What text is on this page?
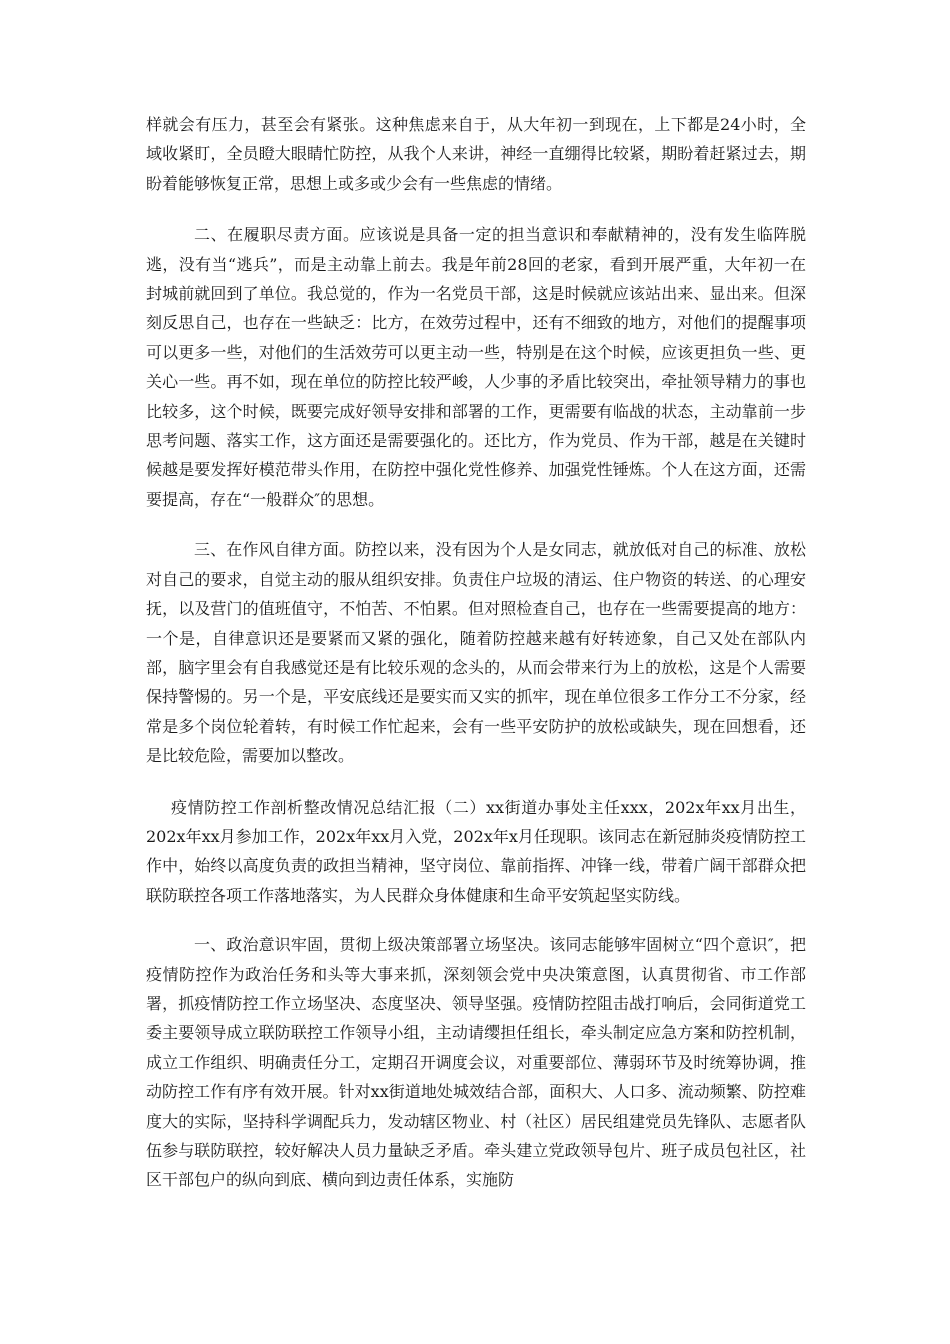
样就会有压力，甚至会有紧张。这种焦虑来自于，从大年初一到现在，上下都是24小时，全域收紧盯，全员瞪大眼睛忙防控，从我个人来讲，神经一直绷得比较紧，期盼着赶紧过去，期盼着能够恢复正常，思想上或多或少会有一些焦虑的情绪。

二、在履职尽责方面。应该说是具备一定的担当意识和奉献精神的，没有发生临阵脱逃，没有当“逃兵”，而是主动靠上前去。我是年前28回的老家，看到开展严重，大年初一在封城前就回到了单位。我总觉的，作为一名党员干部，这是时候就应该站出来、显出来。但深刻反思自己，也存在一些缺乏：比方，在效劳过程中，还有不细致的地方，对他们的提醒事项可以更多一些，对他们的生活效劳可以更主动一些，特别是在这个时候，应该更担负一些、更关心一些。再不如，现在单位的防控比较严峻，人少事的矛盾比较突出，牵扯领导精力的事也比较多，这个时候，既要完成好领导安排和部署的工作，更需要有临战的状态，主动靠前一步思考问题、落实工作，这方面还是需要强化的。还比方，作为党员、作为干部，越是在关键时候越是要发挥好模范带头作用，在防控中强化党性修养、加强党性锤炼。个人在这方面，还需要提高，存在“一般群众″的思想。

三、在作风自律方面。防控以来，没有因为个人是女同志，就放低对自己的标准、放松对自己的要求，自觉主动的服从组织安排。负责住户垃圾的清运、住户物资的转送、的心理安抚，以及营门的值班值守，不怕苦、不怕累。但对照检查自己，也存在一些需要提高的地方：一个是，自律意识还是要紧而又紧的强化，随着防控越来越有好转迹象，自己又处在部队内部，脑字里会有自我感觉还是有比较乐观的念头的，从而会带来行为上的放松，这是个人需要保持警惕的。另一个是，平安底线还是要实而又实的抓牢，现在单位很多工作分工不分家，经常是多个岗位轮着转，有时候工作忙起来，会有一些平安防护的放松或缺失，现在回想看，还是比较危险，需要加以整改。

疫情防控工作剖析整改情况总结汇报（二）xx街道办事处主任xxx，202x年xx月出生，202x年xx月参加工作，202x年xx月入党，202x年x月任现职。该同志在新冠肺炎疫情防控工作中，始终以高度负责的政担当精神，坚守岗位、靠前指挥、冲锋一线，带着广阔干部群众把联防联控各项工作落地落实，为人民群众身体健康和生命平安筑起坚实防线。

一、政治意识牢固，贯彻上级决策部署立场坚决。该同志能够牢固树立“四个意识″，把疫情防控作为政治任务和头等大事来抓，深刻领会党中央决策意图，认真贯彻省、市工作部署，抓疫情防控工作立场坚决、态度坚决、领导坚强。疫情防控阻击战打响后，会同街道党工委主要领导成立联防联控工作领导小组，主动请缨担任组长，牵头制定应急方案和防控机制，成立工作组织、明确责任分工，定期召开调度会议，对重要部位、薄弱环节及时统筹协调，推动防控工作有序有效开展。针对xx街道地处城效结合部，面积大、人口多、流动频繁、防控难度大的实际，坚持科学调配兵力，发动辖区物业、村（社区）居民组建党员先锋队、志愿者队伍参与联防联控，较好解决人员力量缺乏矛盾。牵头建立党政领导包片、班子成员包社区，社区干部包户的纵向到底、横向到边责任体系，实施防
